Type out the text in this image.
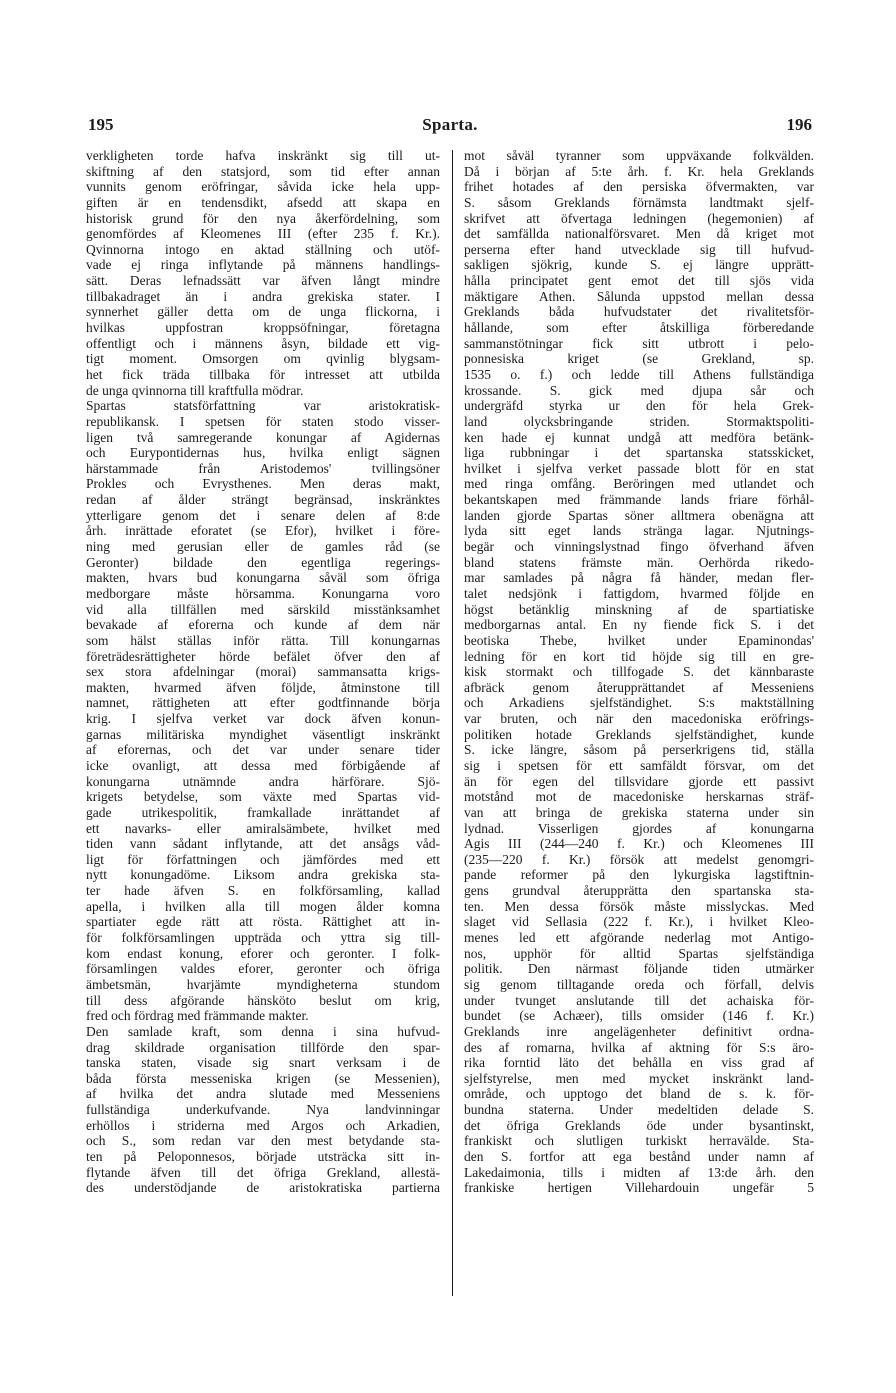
195	Sparta.	196
verkligheten torde hafva inskränkt sig till ut-
skiftning af den statsjord, som tid efter annan
vunnits genom eröfringar, såvida icke hela upp-
giften är en tendensdikt, afsedd att skapa en
historisk grund för den nya åkerfördelning, som
genomfördes af Kleomenes III (efter 235 f. Kr.).
Qvinnorna intogo en aktad ställning och utöf-
vade ej ringa inflytande på männens handlings-
sätt. Deras lefnadssätt var äfven långt mindre
tillbakadraget än i andra grekiska stater. I
synnerhet gäller detta om de unga flickorna, i
hvilkas uppfostran kroppsöfningar, företagna
offentligt och i männens åsyn, bildade ett vig-
tigt moment. Omsorgen om qvinlig blygsam-
het fick träda tillbaka för intresset att utbilda
de unga qvinnorna till kraftfulla mödrar.
Spartas statsförfattning var aristokratisk-
republikansk. I spetsen för staten stodo visser-
ligen två samregerande konungar af Agidernas
och Eurypontidernas hus, hvilka enligt sägnen
härstammade från Aristodemos' tvillingsöner
Prokles och Evrysthenes. Men deras makt,
redan af ålder strängt begränsad, inskränktes
ytterligare genom det i senare delen af 8:de
årh. inrättade eforatet (se Efor), hvilket i före-
ning med gerusian eller de gamles råd (se
Geronter) bildade den egentliga regerings-
makten, hvars bud konungarna såväl som öfriga
medborgare måste hörsamma. Konungarna voro
vid alla tillfällen med särskild misstänksamhet
bevakade af eforerna och kunde af dem när
som hälst ställas inför rätta. Till konungarnas
företrädesrättigheter hörde befälet öfver den af
sex stora afdelningar (morai) sammansatta krigs-
makten, hvarmed äfven följde, åtminstone till
namnet, rättigheten att efter godtfinnande börja
krig. I sjelfva verket var dock äfven konun-
garnas militäriska myndighet väsentligt inskränkt
af eforernas, och det var under senare tider
icke ovanligt, att dessa med förbigående af
konungarna utnämnde andra härförare. Sjö-
krigets betydelse, som växte med Spartas vid-
gade utrikespolitik, framkallade inrättandet af
ett navarks- eller amiralsämbete, hvilket med
tiden vann sådant inflytande, att det ansågs våd-
ligt för författningen och jämfördes med ett
nytt konungadöme. Liksom andra grekiska sta-
ter hade äfven S. en folkförsamling, kallad
apella, i hvilken alla till mogen ålder komna
spartiater egde rätt att rösta. Rättighet att in-
för folkförsamlingen uppträda och yttra sig till-
kom endast konung, eforer och geronter. I folk-
församlingen valdes eforer, geronter och öfriga
ämbetsmän, hvarjämte myndigheterna stundom
till dess afgörande hänsköto beslut om krig,
fred och fördrag med främmande makter.
Den samlade kraft, som denna i sina hufvud-
drag skildrade organisation tillförde den spar-
tanska staten, visade sig snart verksam i de
båda första messeniska krigen (se Messenien),
af hvilka det andra slutade med Messeniens
fullständiga underkufvande. Nya landvinningar
erhöllos i striderna med Argos och Arkadien,
och S., som redan var den mest betydande sta-
ten på Peloponnesos, började utsträcka sitt in-
flytande äfven till det öfriga Grekland, allestä-
des understödjande de aristokratiska partierna
mot såväl tyranner som uppväxande folkvälden.
Då i början af 5:te årh. f. Kr. hela Greklands
frihet hotades af den persiska öfvermakten, var
S. såsom Greklands förnämsta landtmakt sjelf-
skrifvet att öfvertaga ledningen (hegemonien) af
det samfällda nationalförsvaret. Men då kriget mot
perserna efter hand utvecklade sig till hufvud-
sakligen sjökrig, kunde S. ej längre upprätt-
hålla principatet gent emot det till sjös vida
mäktigare Athen. Sålunda uppstod mellan dessa
Greklands båda hufvudstater det rivalitetsför-
hållande, som efter åtskilliga förberedande
sammanstötningar fick sitt utbrott i pelo-
ponnesiska kriget (se Grekland, sp.
1535 o. f.) och ledde till Athens fullständiga
krossande. S. gick med djupa sår och
undergräfd styrka ur den för hela Grek-
land olycksbringande striden. Stormaktspoliti-
ken hade ej kunnat undgå att medföra betänk-
liga rubbningar i det spartanska statsskicket,
hvilket i sjelfva verket passade blott för en stat
med ringa omfång. Beröringen med utlandet och
bekantskapen med främmande lands friare förhål-
landen gjorde Spartas söner alltmera obenägna att
lyda sitt eget lands stränga lagar. Njutnings-
begär och vinningslystnad fingo öfverhand äfven
bland statens främste män. Oerhörda rikedo-
mar samlades på några få händer, medan fler-
talet nedsjönk i fattigdom, hvarmed följde en
högst betänklig minskning af de spartiatiske
medborgarnas antal. En ny fiende fick S. i det
beotiska Thebe, hvilket under Epaminondas'
ledning för en kort tid höjde sig till en gre-
kisk stormakt och tillfogade S. det kännbaraste
afbräck genom återupprättandet af Messeniens
och Arkadiens sjelfständighet. S:s maktställning
var bruten, och när den macedoniska eröfrings-
politiken hotade Greklands sjelfständighet, kunde
S. icke längre, såsom på perserkrigens tid, ställa
sig i spetsen för ett samfäldt försvar, om det
än för egen del tillsvidare gjorde ett passivt
motstånd mot de macedoniske herskarnas sträf-
van att bringa de grekiska staterna under sin
lydnad. Visserligen gjordes af konungarna
Agis III (244—240 f. Kr.) och Kleomenes III
(235—220 f. Kr.) försök att medelst genomgri-
pande reformer på den lykurgiska lagstiftnin-
gens grundval återupprätta den spartanska sta-
ten. Men dessa försök måste misslyckas. Med
slaget vid Sellasia (222 f. Kr.), i hvilket Kleo-
menes led ett afgörande nederlag mot Antigo-
nos, upphör för alltid Spartas sjelfständiga
politik. Den närmast följande tiden utmärker
sig genom tilltagande oreda och förfall, delvis
under tvunget anslutande till det achaiska för-
bundet (se Achæer), tills omsider (146 f. Kr.)
Greklands inre angelägenheter definitivt ordna-
des af romarna, hvilka af aktning för S:s äro-
rika forntid läto det behålla en viss grad af
sjelfstyrelse, men med mycket inskränkt land-
område, och upptogo det bland de s. k. för-
bundna staterna. Under medeltiden delade S.
det öfriga Greklands öde under bysantinskt,
frankiskt och slutligen turkiskt herravälde. Sta-
den S. fortfor att ega bestånd under namn af
Lakedaimonia, tills i midten af 13:de årh. den
frankiske hertigen Villehardouin ungefär 5
